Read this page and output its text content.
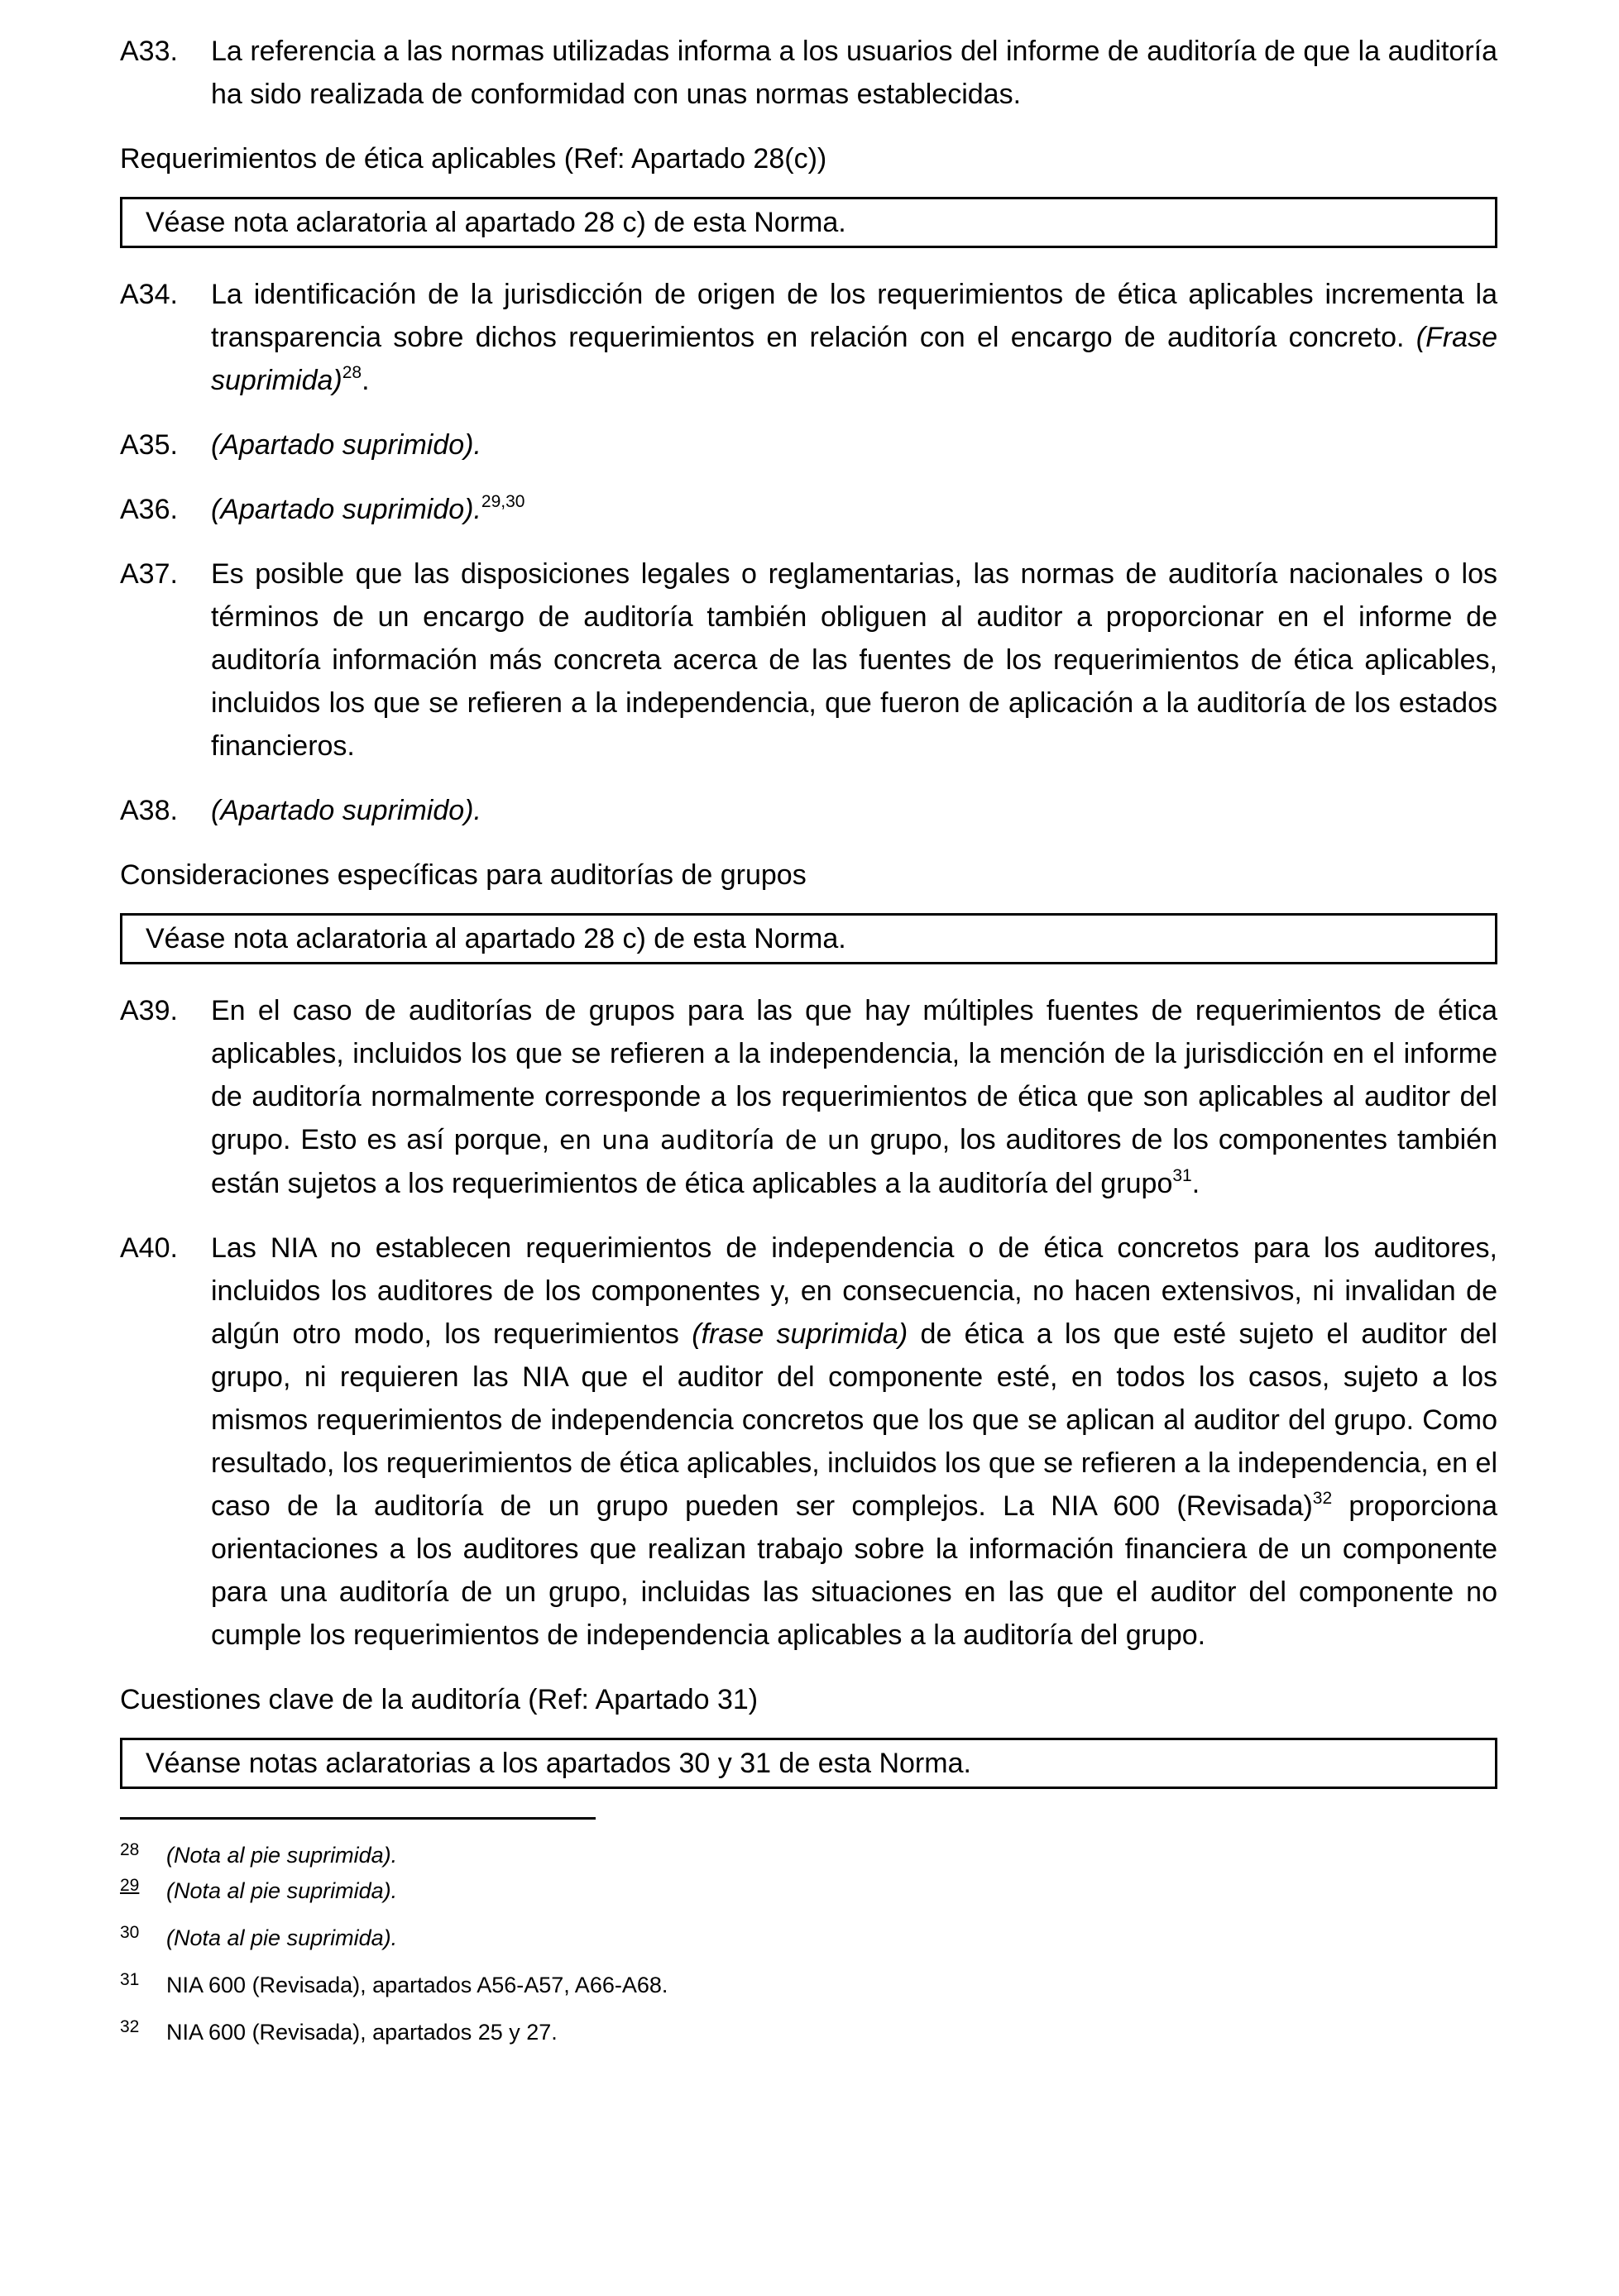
A33.	La referencia a las normas utilizadas informa a los usuarios del informe de auditoría de que la auditoría ha sido realizada de conformidad con unas normas establecidas.
Requerimientos de ética aplicables (Ref: Apartado 28(c))
Véase nota aclaratoria al apartado 28 c) de esta Norma.
A34.	La identificación de la jurisdicción de origen de los requerimientos de ética aplicables incrementa la transparencia sobre dichos requerimientos en relación con el encargo de auditoría concreto. (Frase suprimida)$^{28}$.
A35.	(Apartado suprimido).
A36.	(Apartado suprimido).$^{29,30}$
A37.	Es posible que las disposiciones legales o reglamentarias, las normas de auditoría nacionales o los términos de un encargo de auditoría también obliguen al auditor a proporcionar en el informe de auditoría información más concreta acerca de las fuentes de los requerimientos de ética aplicables, incluidos los que se refieren a la independencia, que fueron de aplicación a la auditoría de los estados financieros.
A38.	(Apartado suprimido).
Consideraciones específicas para auditorías de grupos
Véase nota aclaratoria al apartado 28 c) de esta Norma.
A39.	En el caso de auditorías de grupos para las que hay múltiples fuentes de requerimientos de ética aplicables, incluidos los que se refieren a la independencia, la mención de la jurisdicción en el informe de auditoría normalmente corresponde a los requerimientos de ética que son aplicables al auditor del grupo. Esto es así porque, en una auditoría de un grupo, los auditores de los componentes también están sujetos a los requerimientos de ética aplicables a la auditoría del grupo$^{31}$.
A40.	Las NIA no establecen requerimientos de independencia o de ética concretos para los auditores, incluidos los auditores de los componentes y, en consecuencia, no hacen extensivos, ni invalidan de algún otro modo, los requerimientos (frase suprimida) de ética a los que esté sujeto el auditor del grupo, ni requieren las NIA que el auditor del componente esté, en todos los casos, sujeto a los mismos requerimientos de independencia concretos que los que se aplican al auditor del grupo. Como resultado, los requerimientos de ética aplicables, incluidos los que se refieren a la independencia, en el caso de la auditoría de un grupo pueden ser complejos. La NIA 600 (Revisada)$^{32}$ proporciona orientaciones a los auditores que realizan trabajo sobre la información financiera de un componente para una auditoría de un grupo, incluidas las situaciones en las que el auditor del componente no cumple los requerimientos de independencia aplicables a la auditoría del grupo.
Cuestiones clave de la auditoría (Ref: Apartado 31)
Véanse notas aclaratorias a los apartados 30 y 31 de esta Norma.
$^{28}$	(Nota al pie suprimida).
$^{29}$	(Nota al pie suprimida).
$^{30}$	(Nota al pie suprimida).
$^{31}$	NIA 600 (Revisada), apartados A56-A57, A66-A68.
$^{32}$	NIA 600 (Revisada), apartados 25 y 27.
